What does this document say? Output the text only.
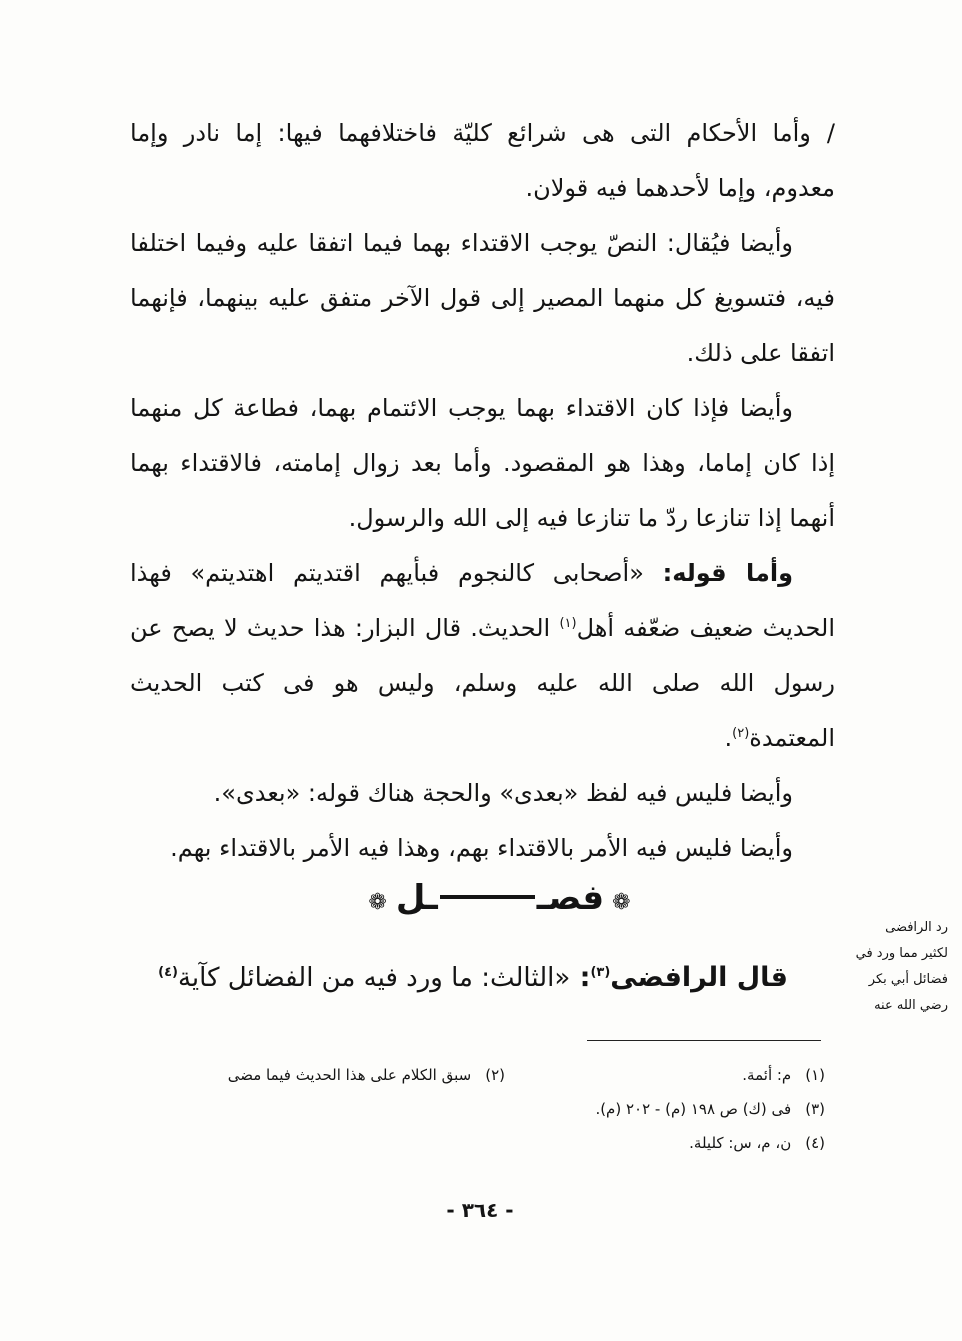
/وأما الأحكام التى هى شرائع كليّة فاختلافهما فيها: إما نادر وإما معدوم، وإما لأحدهما فيه قولان.

وأيضا فيُقال: النصّ يوجب الاقتداء بهما فيما اتفقا عليه وفيما اختلفا فيه، فتسويغ كل منهما المصير إلى قول الآخر متفق عليه بينهما، فإنهما اتفقا على ذلك.

وأيضا فإذا كان الاقتداء بهما يوجب الائتمام بهما، فطاعة كل منهما إذا كان إماما، وهذا هو المقصود. وأما بعد زوال إمامته، فالاقتداء بهما أنهما إذا تنازعا ردّ ما تنازعا فيه إلى الله والرسول.

وأما قوله: «أصحابى كالنجوم فبأيهم اقتديتم اهتديتم» فهذا الحديث ضعيف ضعّفه أهل$^{(١)}$ الحديث. قال البزار: هذا حديث لا يصح عن رسول الله صلى الله عليه وسلم، وليس هو فى كتب الحديث المعتمدة$^{(٢)}$.

وأيضا فليس فيه لفظ «بعدى» والحجة هناك قوله: «بعدى».

وأيضا فليس فيه الأمر بالاقتداء بهم، وهذا فيه الأمر بالاقتداء بهم.

❁فصــل❁
قال الرافضى$^{(٣)}$: «الثالث: ما ورد فيه من الفضائل كآية$^{(٤)}$
رد الرافضى
لكثير مما ورد في
فضائل أبي بكر
رضي الله عنه
(١)م: أئمة.
(٢)سبق الكلام على هذا الحديث فيما مضى
(٣)فى (ك) ص ١٩٨ (م) - ٢٠٢ (م).
(٤)ن، م، س: كليلة.
- ٣٦٤ -
